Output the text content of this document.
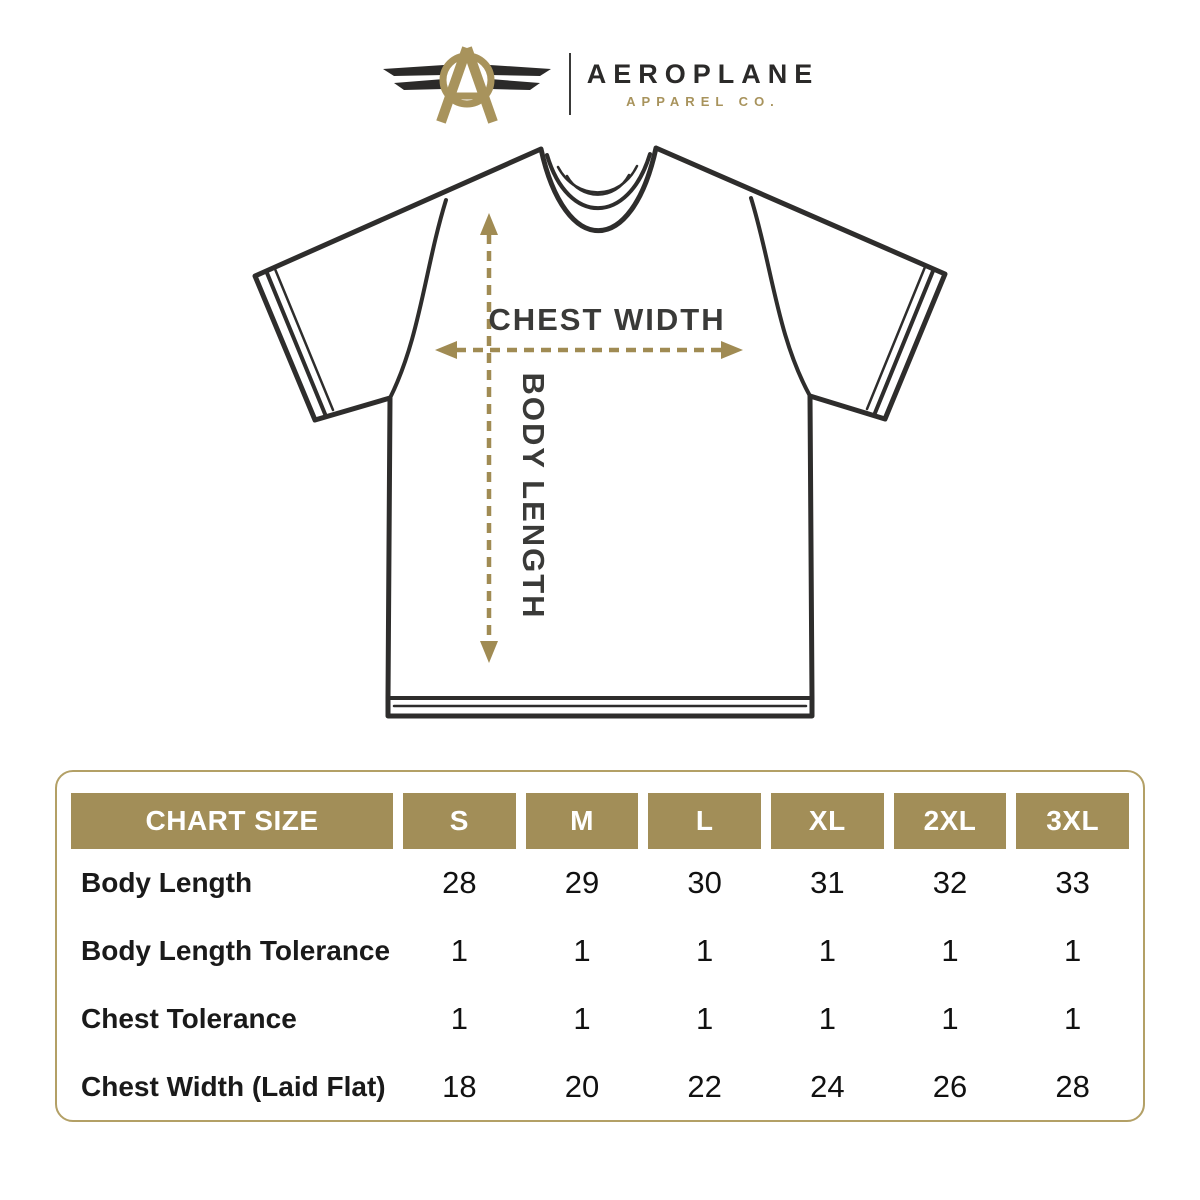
AEROPLANE
APPAREL CO.
CHEST WIDTH
BODY LENGTH
CHART SIZE	S	M	L	XL	2XL	3XL
Body Length	28	29	30	31	32	33
Body Length Tolerance	1	1	1	1	1	1
Chest Tolerance	1	1	1	1	1	1
Chest Width (Laid Flat)	18	20	22	24	26	28
